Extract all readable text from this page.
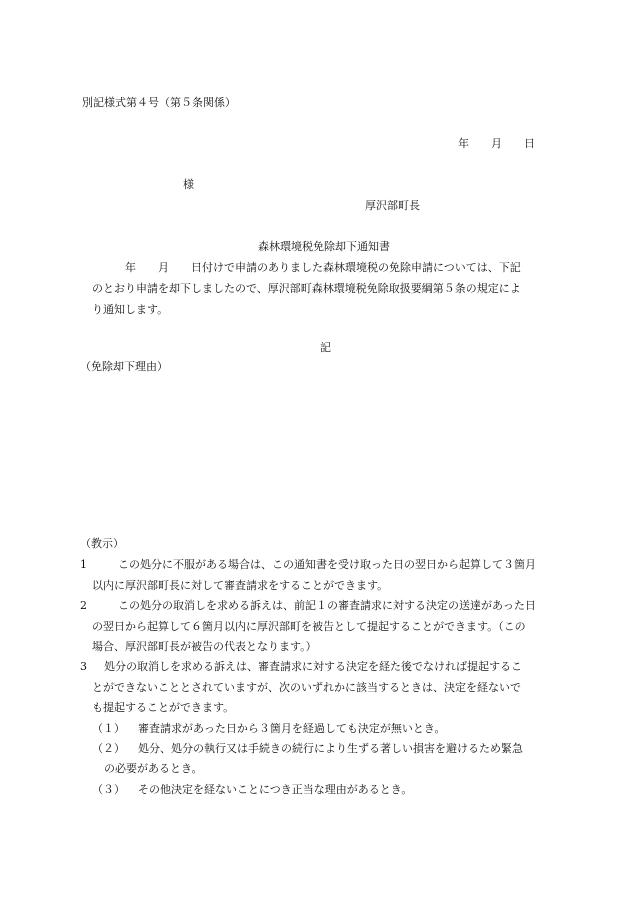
別記様式第４号（第５条関係）
年　　月　　日
様
厚沢部町長
森林環境税免除却下通知書
年　　月　　日付けで申請のありました森林環境税の免除申請については、下記
のとおり申請を却下しましたので、厚沢部町森林環境税免除取扱要綱第５条の規定によ
り通知します。
記
（免除却下理由）
（教示）
1	この処分に不服がある場合は、この通知書を受け取った日の翌日から起算して３箇月
以内に厚沢部町長に対して審査請求をすることができます。
2	この処分の取消しを求める訴えは、前記１の審査請求に対する決定の送達があった日
の翌日から起算して６箇月以内に厚沢部町を被告として提起することができます。（この
場合、厚沢部町長が被告の代表となります。）
3 処分の取消しを求める訴えは、審査請求に対する決定を経た後でなければ提起するこ
とができないこととされていますが、次のいずれかに該当するときは、決定を経ないで
も提起することができます。
（１） 審査請求があった日から３箇月を経過しても決定が無いとき。
（２） 処分、処分の執行又は手続きの続行により生ずる著しい損害を避けるため緊急
の必要があるとき。
（３） その他決定を経ないことにつき正当な理由があるとき。
